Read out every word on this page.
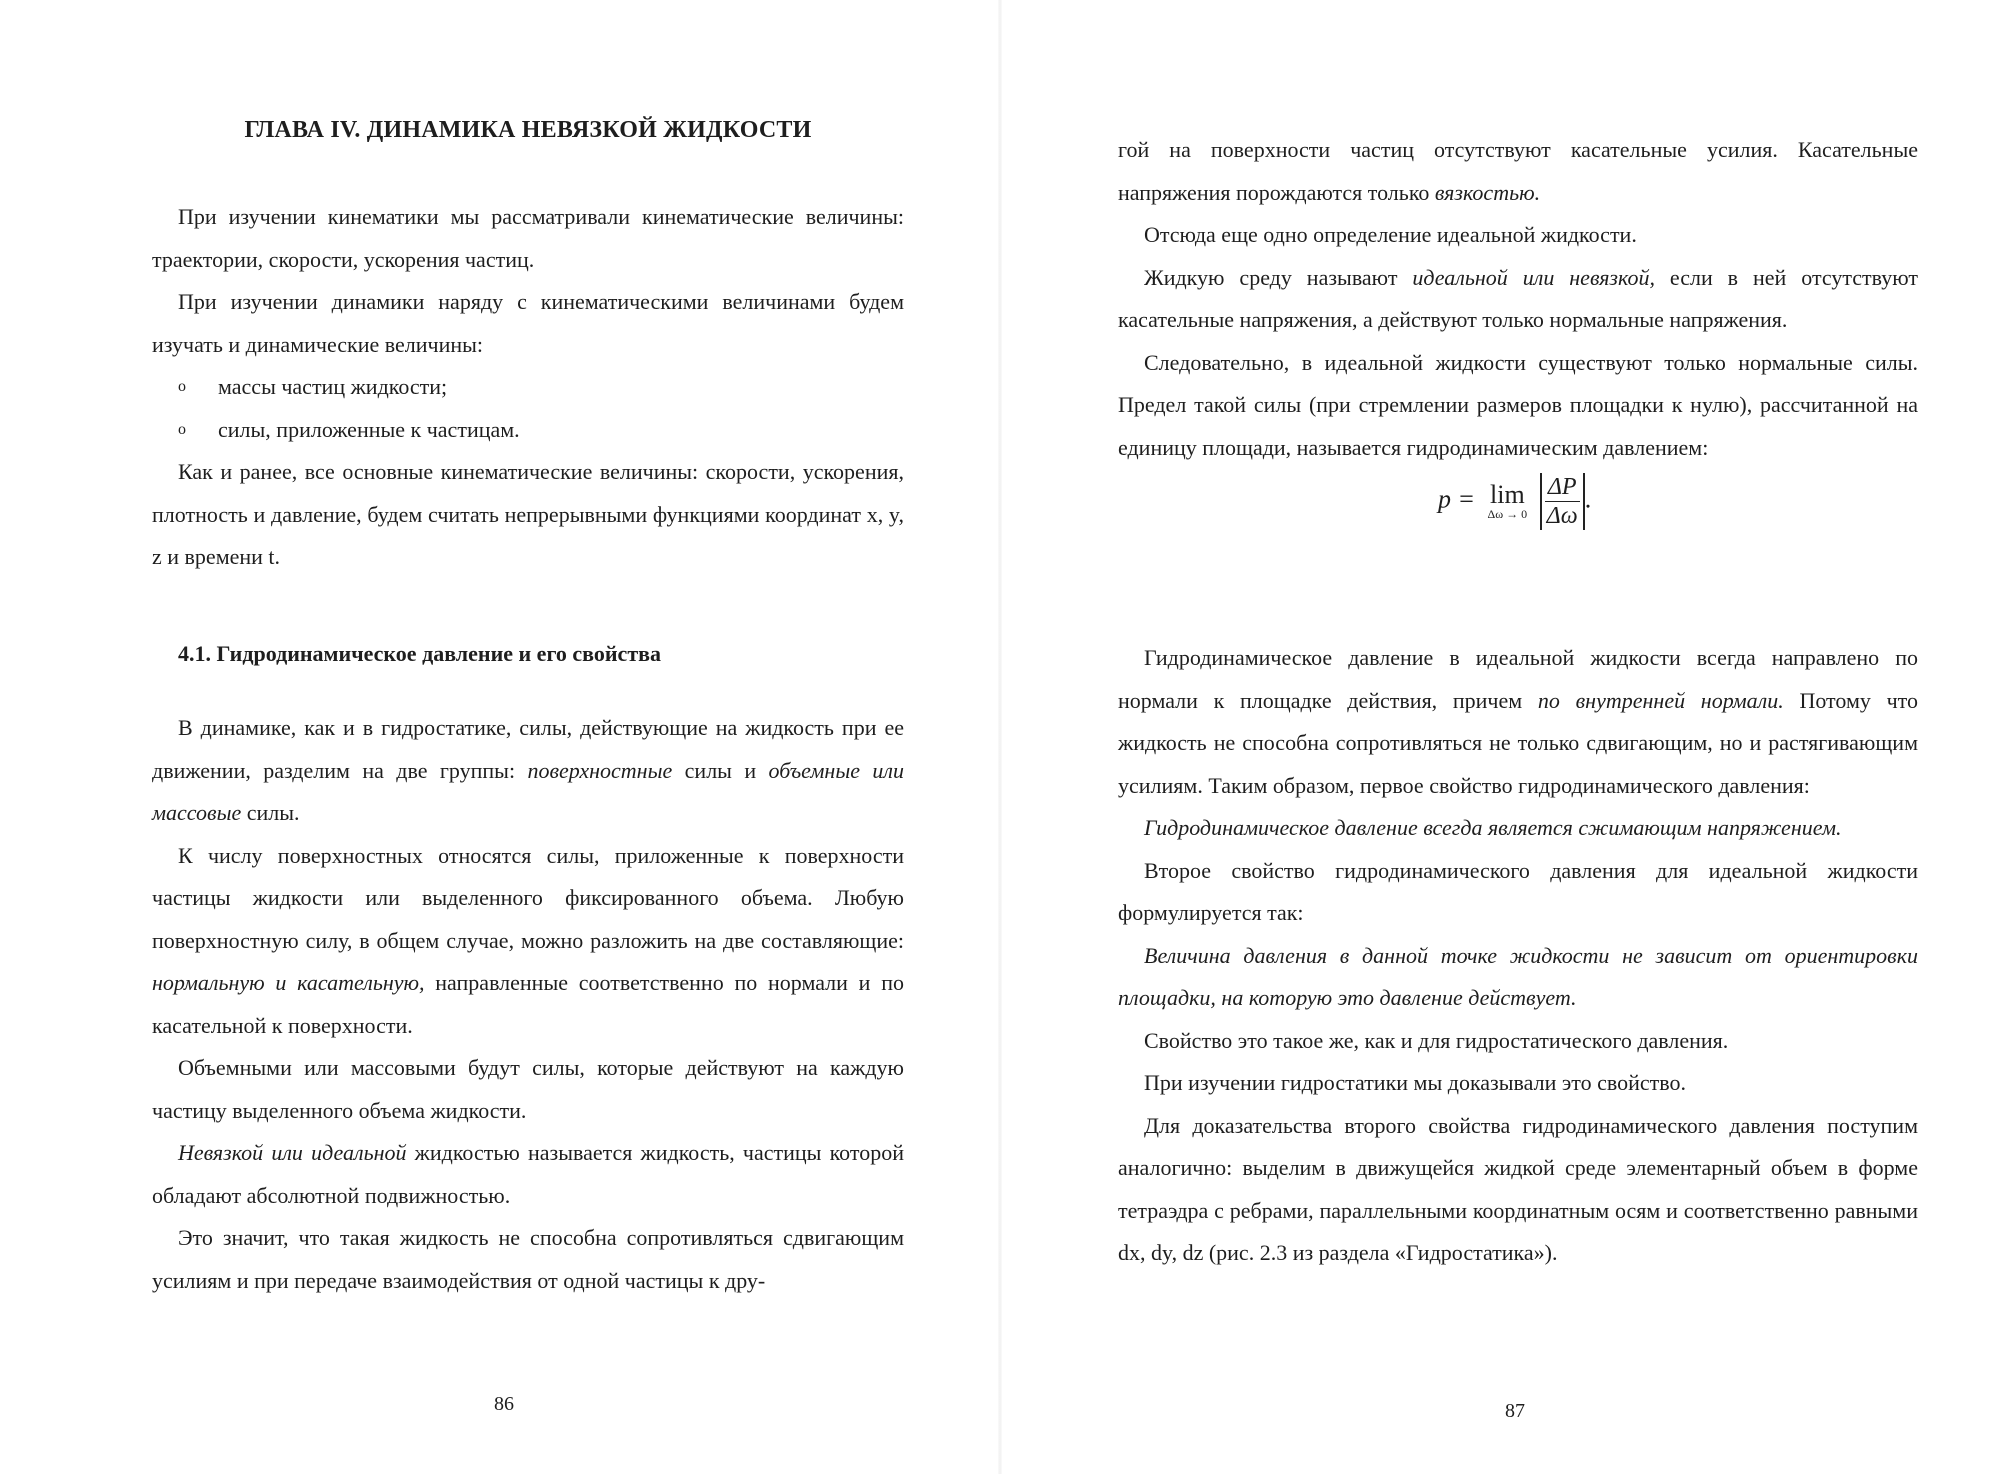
ГЛАВА IV. ДИНАМИКА НЕВЯЗКОЙ ЖИДКОСТИ

При изучении кинематики мы рассматривали кинематические величины: траектории, скорости, ускорения частиц.

При изучении динамики наряду с кинематическими величинами будем изучать и динамические величины:

o	массы частиц жидкости;
o	силы, приложенные к частицам.

Как и ранее, все основные кинематические величины: скорости, ускорения, плотность и давление, будем считать непрерывными функциями координат x, y, z и времени t.

4.1. Гидродинамическое давление и его свойства

В динамике, как и в гидростатике, силы, действующие на жидкость при ее движении, разделим на две группы: поверхностные силы и объемные или массовые силы.

К числу поверхностных относятся силы, приложенные к поверхности частицы жидкости или выделенного фиксированного объема. Любую поверхностную силу, в общем случае, можно разложить на две составляющие: нормальную и касательную, направленные соответственно по нормали и по касательной к поверхности.

Объемными или массовыми будут силы, которые действуют на каждую частицу выделенного объема жидкости.

Невязкой или идеальной жидкостью называется жидкость, частицы которой обладают абсолютной подвижностью.

Это значит, что такая жидкость не способна сопротивляться сдвигающим усилиям и при передаче взаимодействия от одной частицы к дру-

86

гой на поверхности частиц отсутствуют касательные усилия. Касательные напряжения порождаются только вязкостью.

Отсюда еще одно определение идеальной жидкости.

Жидкую среду называют идеальной или невязкой, если в ней отсутствуют касательные напряжения, а действуют только нормальные напряжения.

Следовательно, в идеальной жидкости существуют только нормальные силы. Предел такой силы (при стремлении размеров площадки к нулю), рассчитанной на единицу площади, называется гидродинамическим давлением:

p = lim
Δω → 0
$\frac{\Delta P}{\Delta\omega}$ .

Гидродинамическое давление в идеальной жидкости всегда направлено по нормали к площадке действия, причем по внутренней нормали. Потому что жидкость не способна сопротивляться не только сдвигающим, но и растягивающим усилиям. Таким образом, первое свойство гидродинамического давления:

Гидродинамическое давление всегда является сжимающим напряжением.

Второе свойство гидродинамического давления для идеальной жидкости формулируется так:

Величина давления в данной точке жидкости не зависит от ориентировки площадки, на которую это давление действует.

Свойство это такое же, как и для гидростатического давления.

При изучении гидростатики мы доказывали это свойство.

Для доказательства второго свойства гидродинамического давления поступим аналогично: выделим в движущейся жидкой среде элементарный объем в форме тетраэдра с ребрами, параллельными координатным осям и соответственно равными dx, dy, dz (рис. 2.3 из раздела «Гидростатика»).

87
